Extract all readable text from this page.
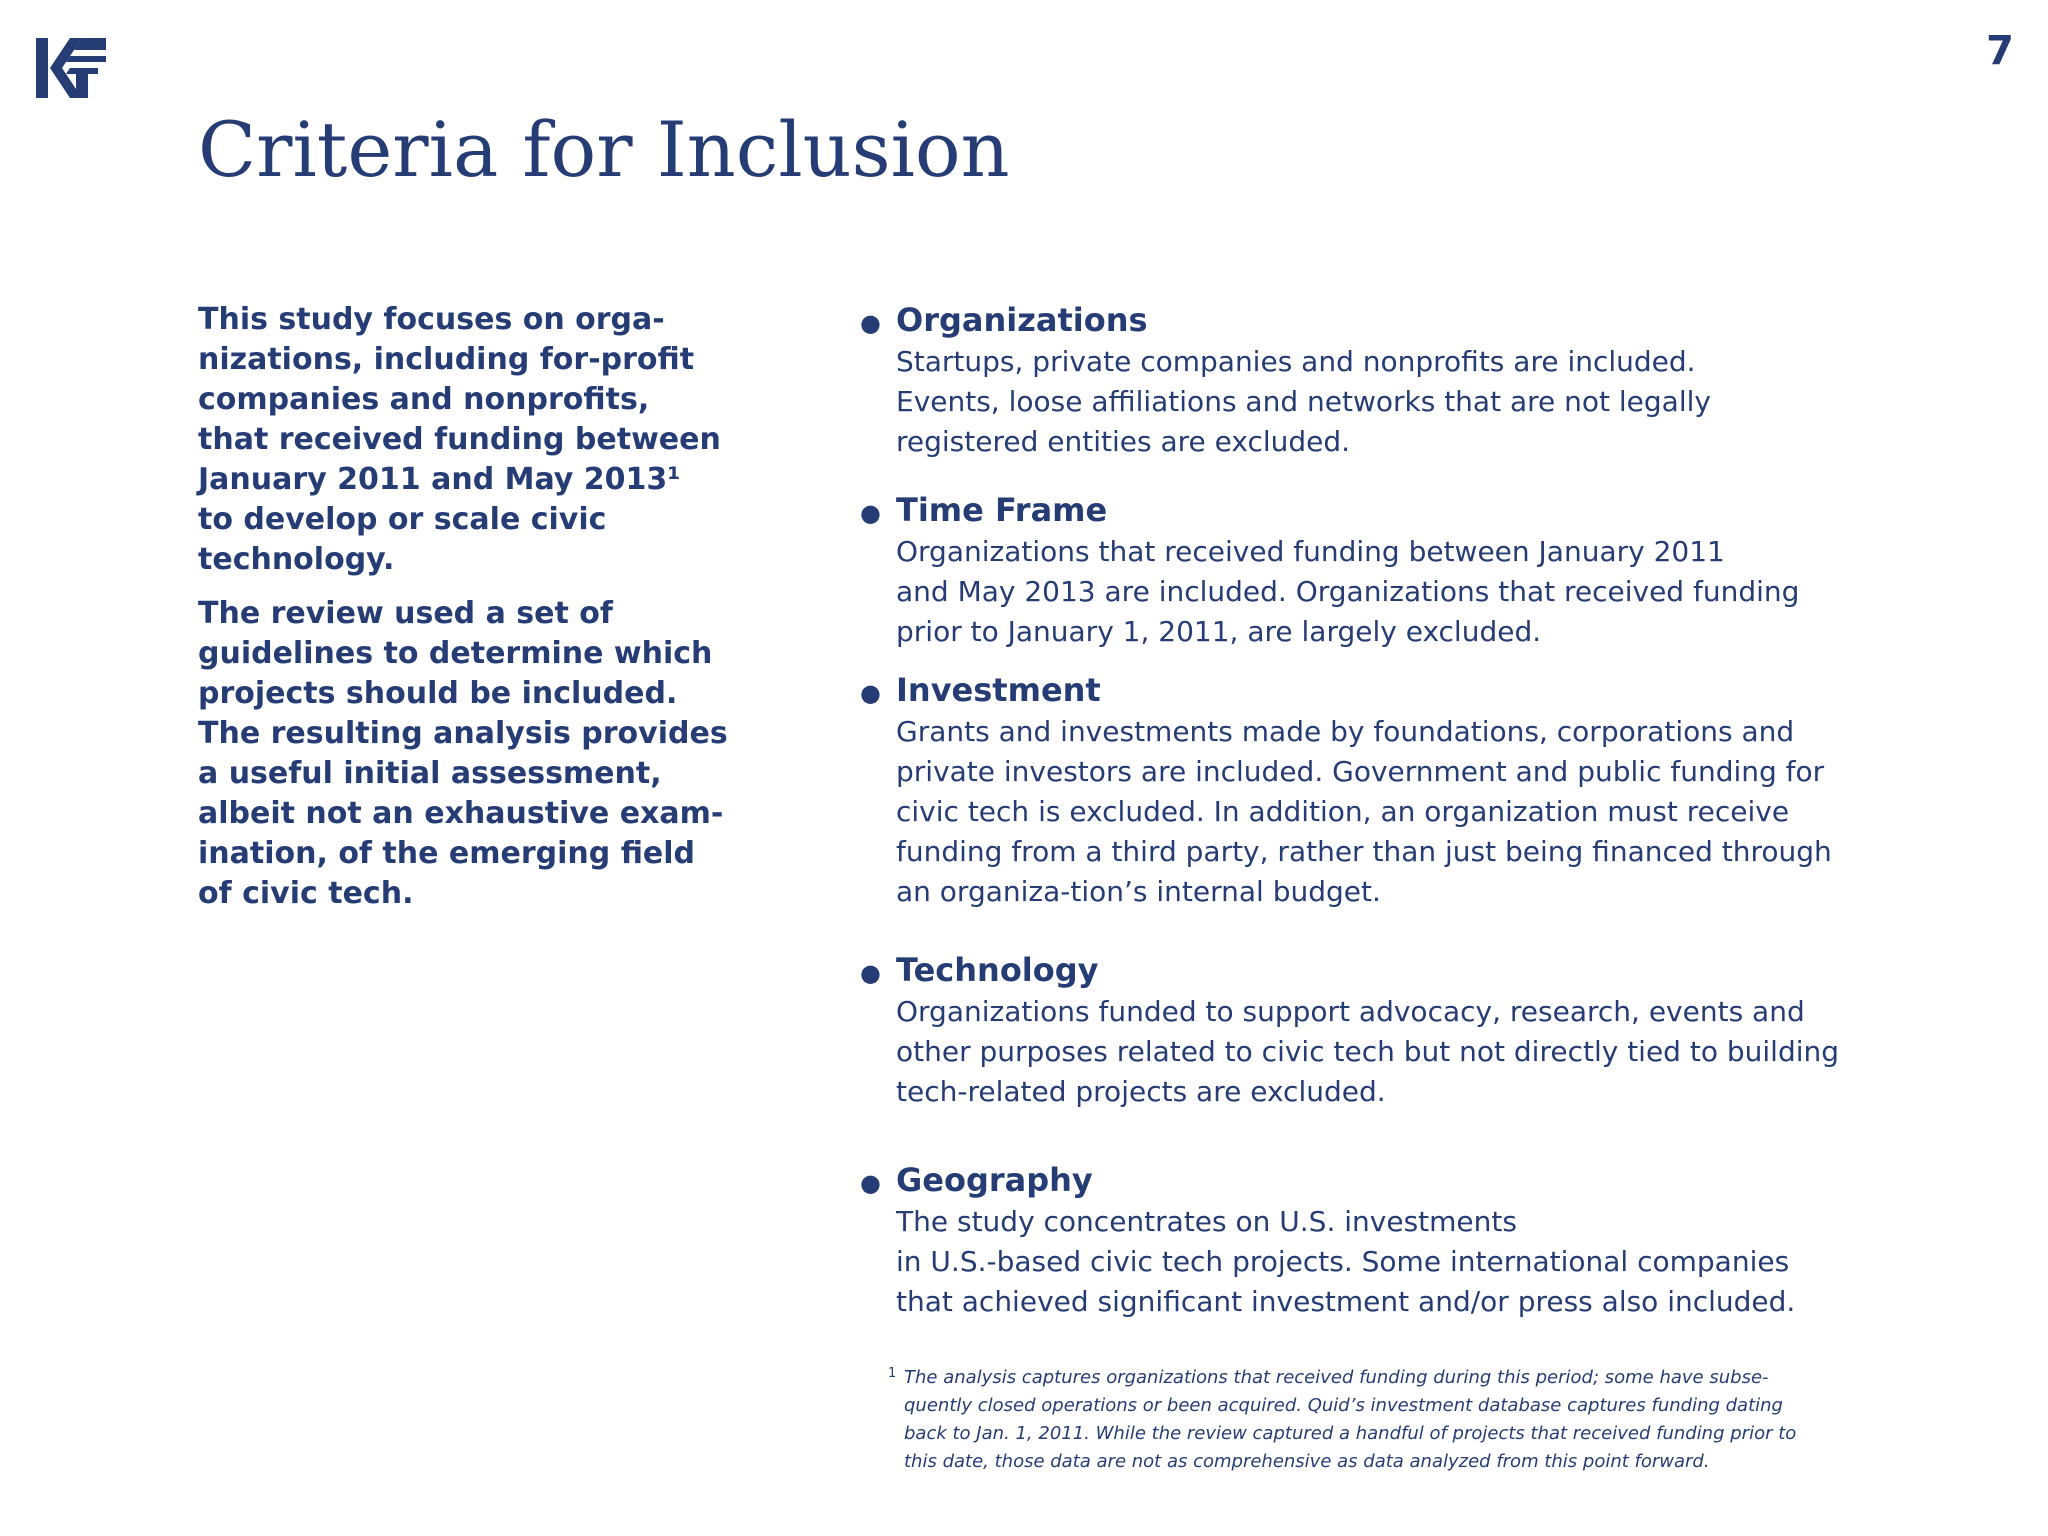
7

Criteria for Inclusion

This study focuses on orga-
nizations, including for-profit
companies and nonprofits,
that received funding between
January 2011 and May 2013¹
to develop or scale civic
technology.

The review used a set of
guidelines to determine which
projects should be included.
The resulting analysis provides
a useful initial assessment,
albeit not an exhaustive exam-
ination, of the emerging field
of civic tech.

● Organizations
Startups, private companies and nonprofits are included.
Events, loose affiliations and networks that are not legally
registered entities are excluded.
● Time Frame
Organizations that received funding between January 2011
and May 2013 are included. Organizations that received funding
prior to January 1, 2011, are largely excluded.
● Investment
Grants and investments made by foundations, corporations and
private investors are included. Government and public funding for
civic tech is excluded. In addition, an organization must receive
funding from a third party, rather than just being financed through
an organiza-tion’s internal budget.
● Technology
Organizations funded to support advocacy, research, events and
other purposes related to civic tech but not directly tied to building
tech-related projects are excluded.
● Geography
The study concentrates on U.S. investments
in U.S.-based civic tech projects. Some international companies
that achieved significant investment and/or press also included.
1 The analysis captures organizations that received funding during this period; some have subse-
quently closed operations or been acquired. Quid’s investment database captures funding dating
back to Jan. 1, 2011. While the review captured a handful of projects that received funding prior to
this date, those data are not as comprehensive as data analyzed from this point forward.
